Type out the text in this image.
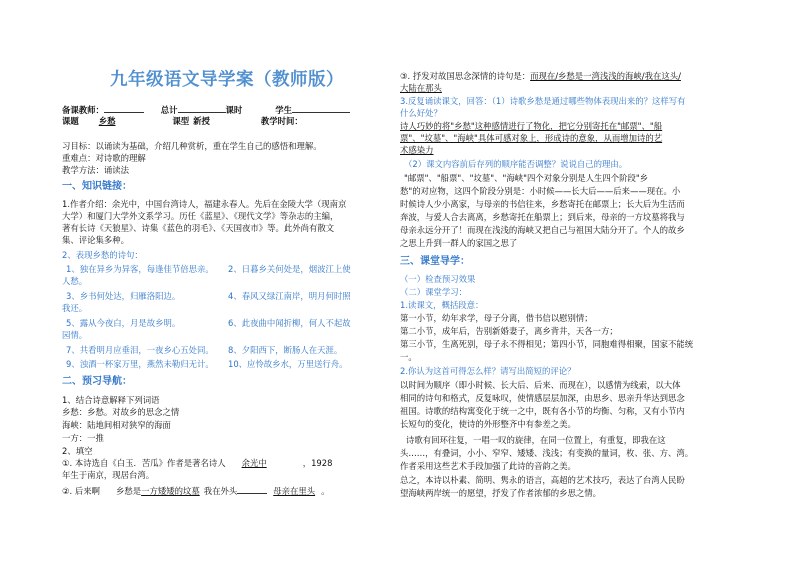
九年级语文导学案（教师版）
备课教师：	总计	课时	学生
课题 乡愁	课型 新授	教学时间：
习目标：以诵读为基础，介绍几种赏析，重在学生自己的感悟和理解。
重难点：对诗歌的理解
教学方法：诵读法
一、知识链接：
1.作者介绍：余光中，中国台湾诗人，福建永春人。先后在金陵大学（现南京
大学）和厦门大学外文系学习。历任《蓝星》、《现代文学》等杂志的主编，
著有长诗《天狼星》、诗集《蓝色的羽毛》、《天国夜市》等。此外尚有散文
集、评论集多种。
2、表现乡愁的诗句：
1、独在异乡为异客，每逢佳节倍思亲。 2、日暮乡关何处是，烟波江上使
人愁。
3、乡书何处达，归雁洛阳边。	4、春风又绿江南岸，明月何时照
我还。
5、露从今夜白，月是故乡明。	6、此夜曲中闻折柳，何人不起故
园情。
7、共看明月应垂泪，一夜乡心五处同。 8、夕阳西下，断肠人在天涯。
9、浊酒一杯家万里，燕然未勒归无计。 10、应怜故乡水，万里送行舟。
二、预习导航：
1、结合诗意解释下列词语
乡愁：乡愁。对故乡的思念之情
海峡：陆地间相对狭窄的海面
一方：一推
2、填空
①. 本诗选自《白玉．苦瓜》作者是著名诗人 余光中	，1928
年生于南京，现居台湾。
②. 后来啊 乡愁是一方矮矮的坟墓 我在外头	母亲在里头 。
③. 抒发对故国思念深情的诗句是：而现在/乡愁是一湾浅浅的海峡/我在这头/
大陆在那头
3.反复诵读课文，回答：（1）诗歌乡愁是通过哪些物体表现出来的？这样写有
什么好处？
诗人巧妙的将"乡愁"这种感情进行了物化，把它分别寄托在"邮票"、"船
票"、"坟墓"、"海峡"具体可感对象上，形成诗的意象，从而增加诗的艺
术感染力
（2）课文内容前后存列的顺序能否调整？说说自己的理由。
"邮票"、"船票"、"坟墓"、"海峡"四个对象分别是人生四个阶段"乡
愁"的对应物，这四个阶段分别是：小时候——长大后——后来——现在。小
时候诗人少小离家，与母亲的书信往来，乡愁寄托在邮票上；长大后为生活而
奔波，与爱人合去离离，乡愁寄托在船票上；到后来，母亲的一方坟墓将我与
母亲永远分开了！而现在浅浅的海峡又把自己与祖国大陆分开了。个人的故乡
之思上升到一群人的家国之思了
三、课堂导学：
（一）检查预习效果
（二）课堂学习：
1.读课文，概括段意：
第一小节，幼年求学，母子分离，借书信以慰别情；
第二小节，成年后，告别新婚妻子，离乡背井，天各一方；
第三小节，生离死别，母子永不得相见；第四小节，同胞难得相聚，国家不能统
一。
2.你认为这首可得怎么样？请写出简短的评论？
以时间为顺序（即小时候、长大后、后来、而现在），以感情为线索，以大体
相同的诗句和格式，反复咏叹，使情感层层加深，由思乡、思亲升华达到思念
祖国。诗歌的结构寓变化于统一之中，既有各小节的均衡、匀称，又有小节内
长短句的变化，使诗的外形整齐中有参差之美。
诗歌有回环往复，一唱一叹的旋律，在同一位置上，有重复，即我在这
头……，有叠词，小小、窄窄、矮矮、浅浅；有变换的量词，枚、张、方、湾。
作者采用这些艺术手段加强了此诗的音韵之美。
总之，本诗以朴素、简明、隽永的语言，高超的艺术技巧，表达了台湾人民盼
望海峡两岸统一的愿望，抒发了作者浓郁的乡思之情。
